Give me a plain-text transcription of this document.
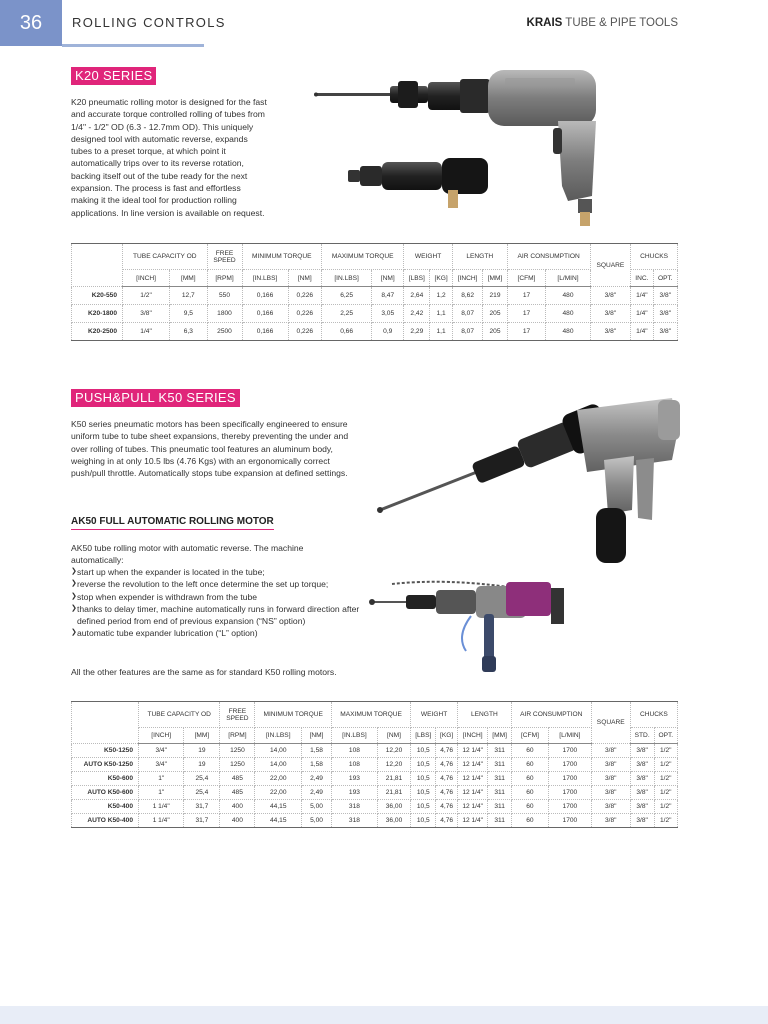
36	ROLLING CONTROLS	KRAIS TUBE & PIPE TOOLS
K20 SERIES

K20 pneumatic rolling motor is designed for the fast and accurate torque controlled rolling of tubes from 1/4" - 1/2" OD (6.3 - 12.7mm OD). This uniquely designed tool with automatic reverse, expands tubes to a preset torque, at which point it automatically trips over to its reverse rotation, backing itself out of the tube ready for the next expansion. The process is fast and effortless making it the ideal tool for production rolling applications. In line version is available on request.

	TUBE CAPACITY OD		FREE SPEED	MINIMUM TORQUE		MAXIMUM TORQUE		WEIGHT		LENGTH		AIR CONSUMPTION		SQUARE	CHUCKS	
	[INCH]	[MM]	[RPM]	[IN.LBS]	[NM]	[IN.LBS]	[NM]	[LBS]	[KG]	[INCH]	[MM]	[CFM]	[L/MIN]		INC.	OPT.
K20-550	1/2"	12,7	550	0,166	0,226	6,25	8,47	2,64	1,2	8,62	219	17	480	3/8"	1/4"	3/8"
K20-1800	3/8"	9,5	1800	0,166	0,226	2,25	3,05	2,42	1,1	8,07	205	17	480	3/8"	1/4"	3/8"
K20-2500	1/4"	6,3	2500	0,166	0,226	0,66	0,9	2,29	1,1	8,07	205	17	480	3/8"	1/4"	3/8"
PUSH&PULL K50 SERIES

K50 series pneumatic motors has been specifically engineered to ensure uniform tube to tube sheet expansions, thereby preventing the under and over rolling of tubes. This pneumatic tool features an aluminum body, weighing in at only 10.5 lbs (4.76 Kgs) with an ergonomically correct push/pull throttle. Automatically stops tube expansion at defined settings.

AK50 FULL AUTOMATIC ROLLING MOTOR

AK50 tube rolling motor with automatic reverse. The machine automatically:

❯ start up when the expander is located in the tube;
❯ reverse the revolution to the left once determine the set up torque;
❯ stop when expender is withdrawn from the tube
❯ thanks to delay timer, machine automatically runs in forward direction after defined period from end of previous expansion (“NS” option)
❯ automatic tube expander lubrication (“L” option)

All the other features are the same as for standard K50 rolling motors.

	TUBE CAPACITY OD		FREE SPEED	MINIMUM TORQUE		MAXIMUM TORQUE		WEIGHT		LENGTH		AIR CONSUMPTION		SQUARE	CHUCKS	
	[INCH]	[MM]	[RPM]	[IN.LBS]	[NM]	[IN.LBS]	[NM]	[LBS]	[KG]	[INCH]	[MM]	[CFM]	[L/MIN]		STD.	OPT.
K50-1250	3/4"	19	1250	14,00	1,58	108	12,20	10,5	4,76	12 1/4"	311	60	1700	3/8"	3/8"	1/2"
AUTO K50-1250	3/4"	19	1250	14,00	1,58	108	12,20	10,5	4,76	12 1/4"	311	60	1700	3/8"	3/8"	1/2"
K50-600	1"	25,4	485	22,00	2,49	193	21,81	10,5	4,76	12 1/4"	311	60	1700	3/8"	3/8"	1/2"
AUTO K50-600	1"	25,4	485	22,00	2,49	193	21,81	10,5	4,76	12 1/4"	311	60	1700	3/8"	3/8"	1/2"
K50-400	1 1/4"	31,7	400	44,15	5,00	318	36,00	10,5	4,76	12 1/4"	311	60	1700	3/8"	3/8"	1/2"
AUTO K50-400	1 1/4"	31,7	400	44,15	5,00	318	36,00	10,5	4,76	12 1/4"	311	60	1700	3/8"	3/8"	1/2"
